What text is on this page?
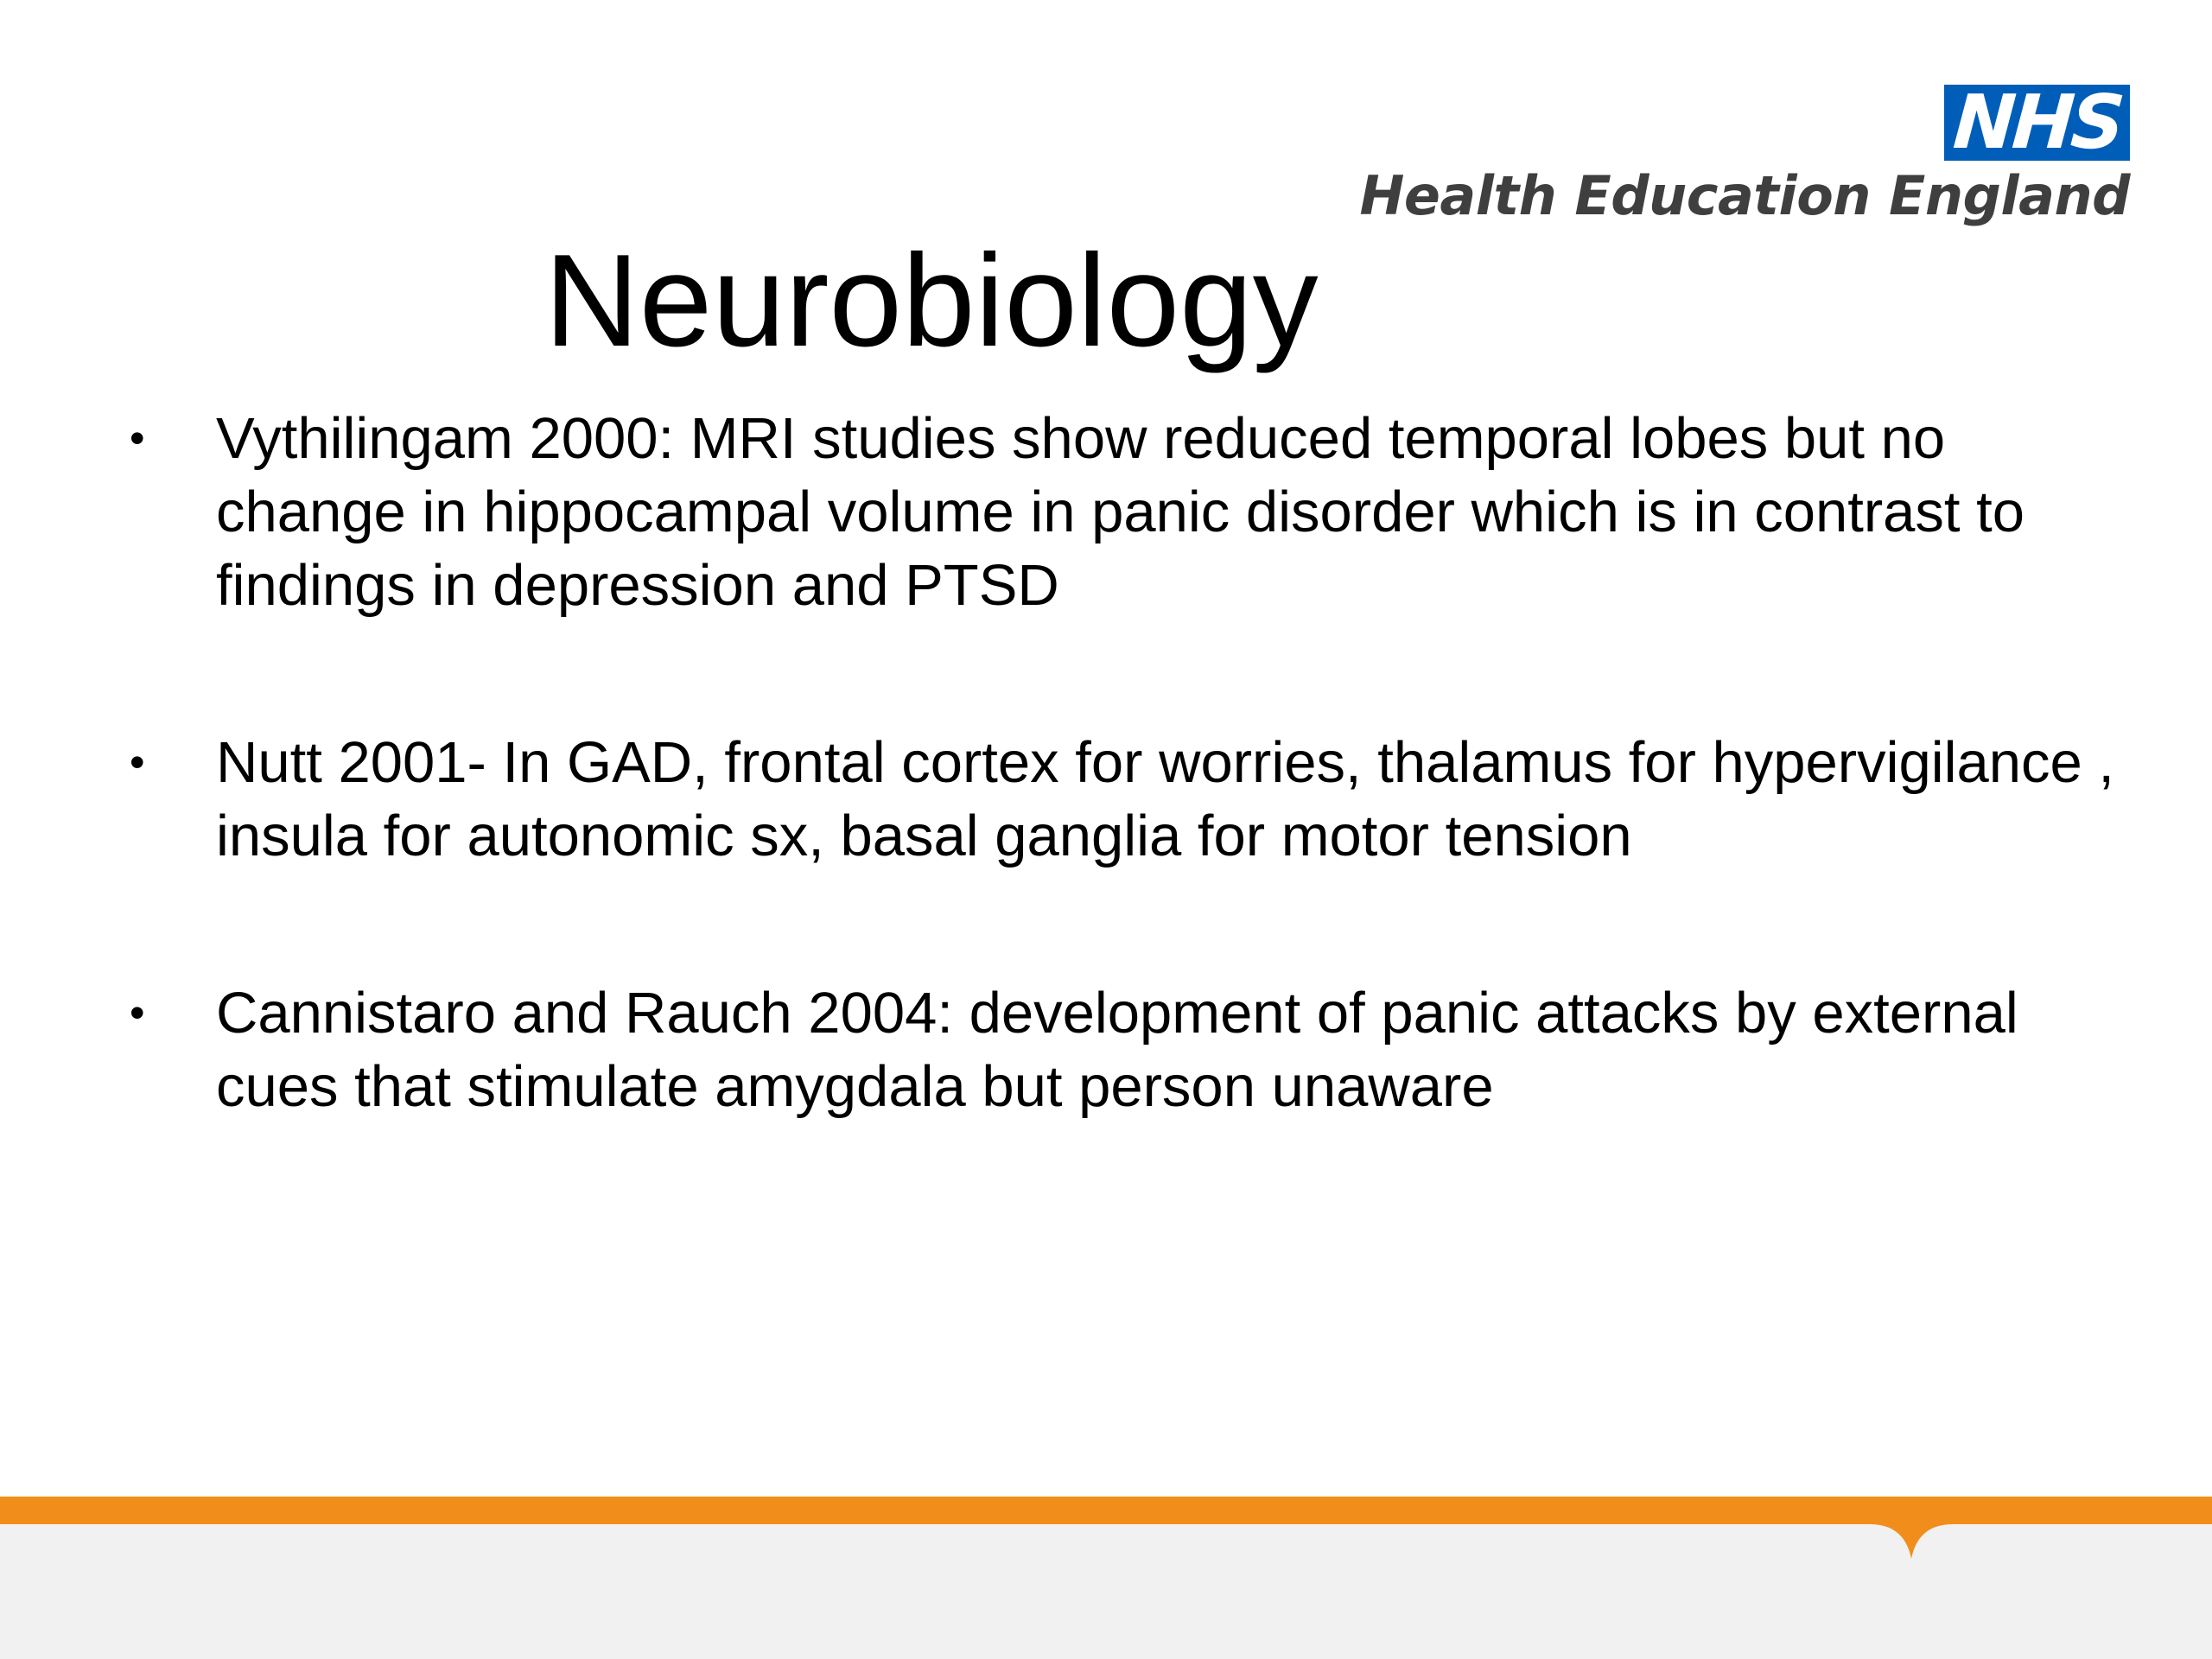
NHS
Health Education England
Neurobiology
• Vythilingam 2000: MRI studies show reduced temporal lobes but no change in hippocampal volume in panic disorder which is in contrast to findings in depression and PTSD
• Nutt 2001- In GAD, frontal cortex for worries, thalamus for hypervigilance , insula for autonomic sx, basal ganglia for motor tension
• Cannistaro and Rauch 2004: development of panic attacks by external cues that stimulate amygdala but person unaware
